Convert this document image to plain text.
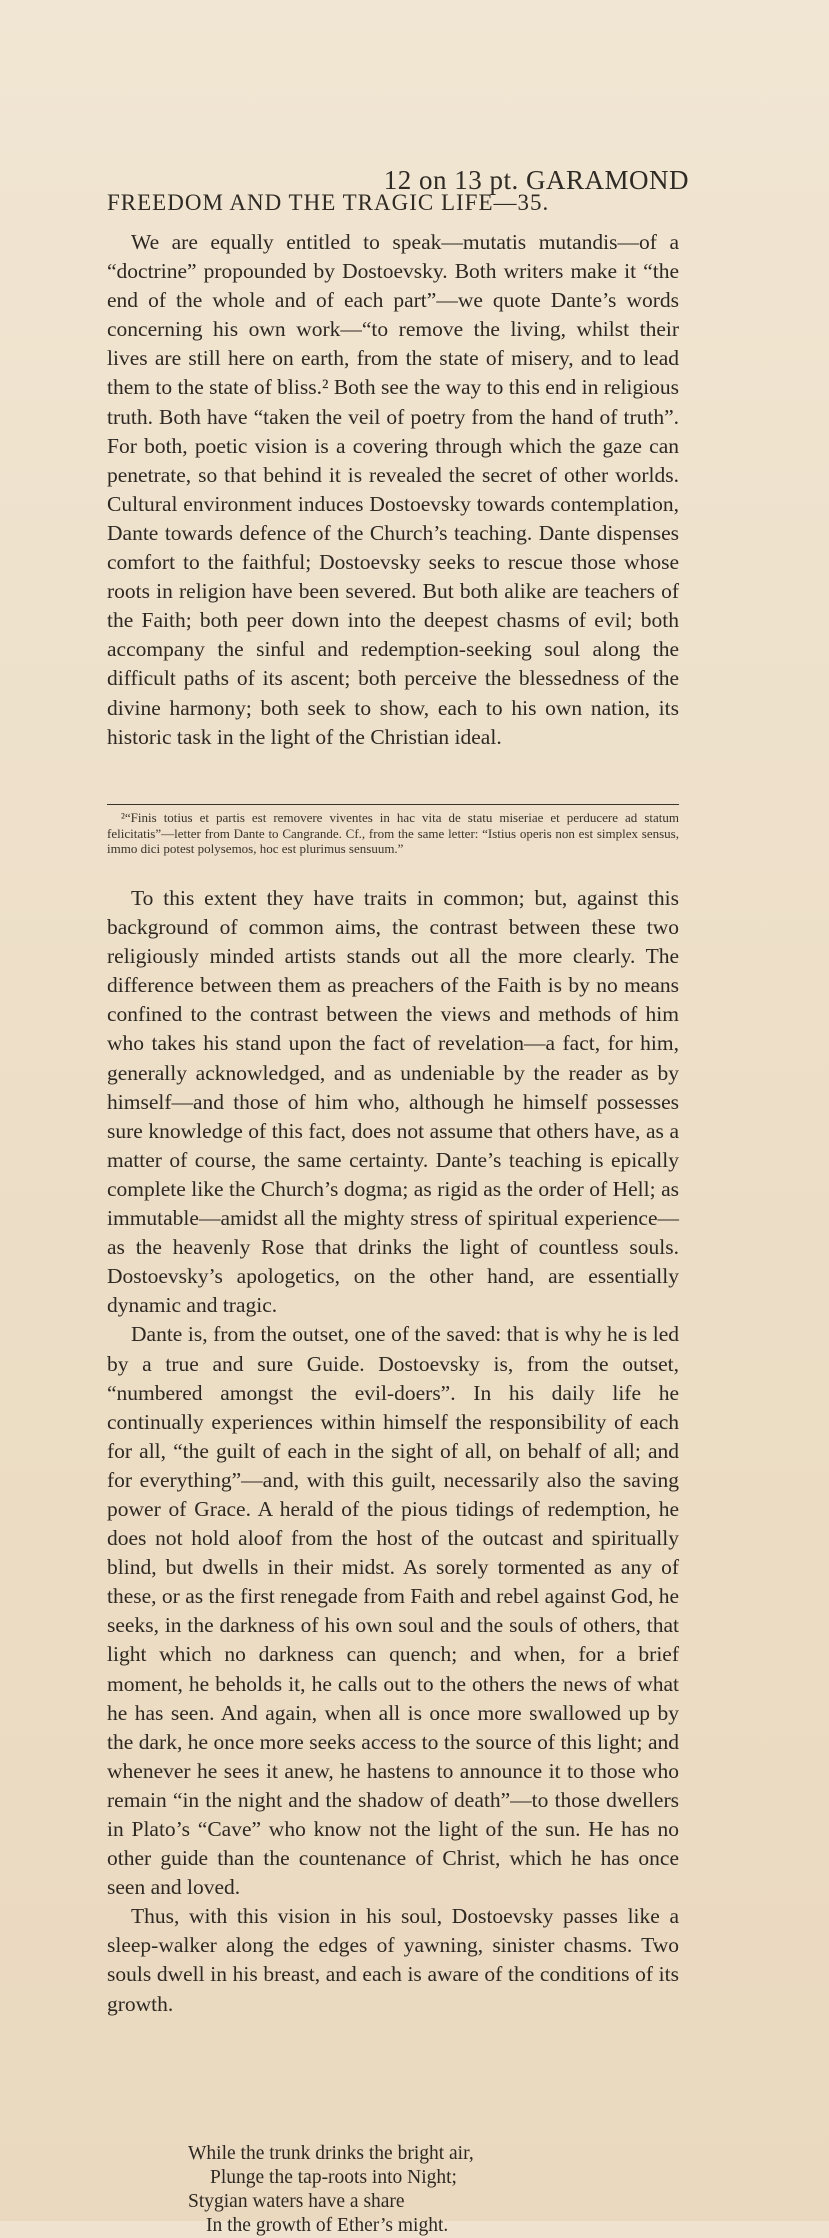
12 on 13 pt. GARAMOND
FREEDOM AND THE TRAGIC LIFE—35.

We are equally entitled to speak—mutatis mutandis—of a “doctrine” propounded by Dostoevsky. Both writers make it “the end of the whole and of each part”—we quote Dante’s words concerning his own work—“to remove the living, whilst their lives are still here on earth, from the state of misery, and to lead them to the state of bliss.² Both see the way to this end in religious truth. Both have “taken the veil of poetry from the hand of truth”. For both, poetic vision is a covering through which the gaze can penetrate, so that behind it is revealed the secret of other worlds. Cultural environment induces Dostoevsky towards contemplation, Dante towards defence of the Church’s teaching. Dante dispenses comfort to the faithful; Dostoevsky seeks to rescue those whose roots in religion have been severed. But both alike are teachers of the Faith; both peer down into the deepest chasms of evil; both accompany the sinful and redemption-seeking soul along the difficult paths of its ascent; both perceive the blessedness of the divine harmony; both seek to show, each to his own nation, its historic task in the light of the Christian ideal.

²“Finis totius et partis est removere viventes in hac vita de statu miseriae et perducere ad statum felicitatis”—letter from Dante to Cangrande. Cf., from the same letter: “Istius operis non est simplex sensus, immo dici potest polysemos, hoc est plurimus sensuum.”

To this extent they have traits in common; but, against this background of common aims, the contrast between these two religiously minded artists stands out all the more clearly. The difference between them as preachers of the Faith is by no means confined to the contrast between the views and methods of him who takes his stand upon the fact of revelation—a fact, for him, generally acknowledged, and as undeniable by the reader as by himself—and those of him who, although he himself possesses sure knowledge of this fact, does not assume that others have, as a matter of course, the same certainty. Dante’s teaching is epically complete like the Church’s dogma; as rigid as the order of Hell; as immutable—amidst all the mighty stress of spiritual experience—as the heavenly Rose that drinks the light of countless souls. Dostoevsky’s apologetics, on the other hand, are essentially dynamic and tragic.

Dante is, from the outset, one of the saved: that is why he is led by a true and sure Guide. Dostoevsky is, from the outset, “numbered amongst the evil-doers”. In his daily life he continually experiences within himself the responsibility of each for all, “the guilt of each in the sight of all, on behalf of all; and for everything”—and, with this guilt, necessarily also the saving power of Grace. A herald of the pious tidings of redemption, he does not hold aloof from the host of the outcast and spiritually blind, but dwells in their midst. As sorely tormented as any of these, or as the first renegade from Faith and rebel against God, he seeks, in the darkness of his own soul and the souls of others, that light which no darkness can quench; and when, for a brief moment, he beholds it, he calls out to the others the news of what he has seen. And again, when all is once more swallowed up by the dark, he once more seeks access to the source of this light; and whenever he sees it anew, he hastens to announce it to those who remain “in the night and the shadow of death”—to those dwellers in Plato’s “Cave” who know not the light of the sun. He has no other guide than the countenance of Christ, which he has once seen and loved.

Thus, with this vision in his soul, Dostoevsky passes like a sleep-walker along the edges of yawning, sinister chasms. Two souls dwell in his breast, and each is aware of the conditions of its growth.

While the trunk drinks the bright air,
Plunge the tap-roots into Night;
Stygian waters have a share
In the growth of Ether’s might.
